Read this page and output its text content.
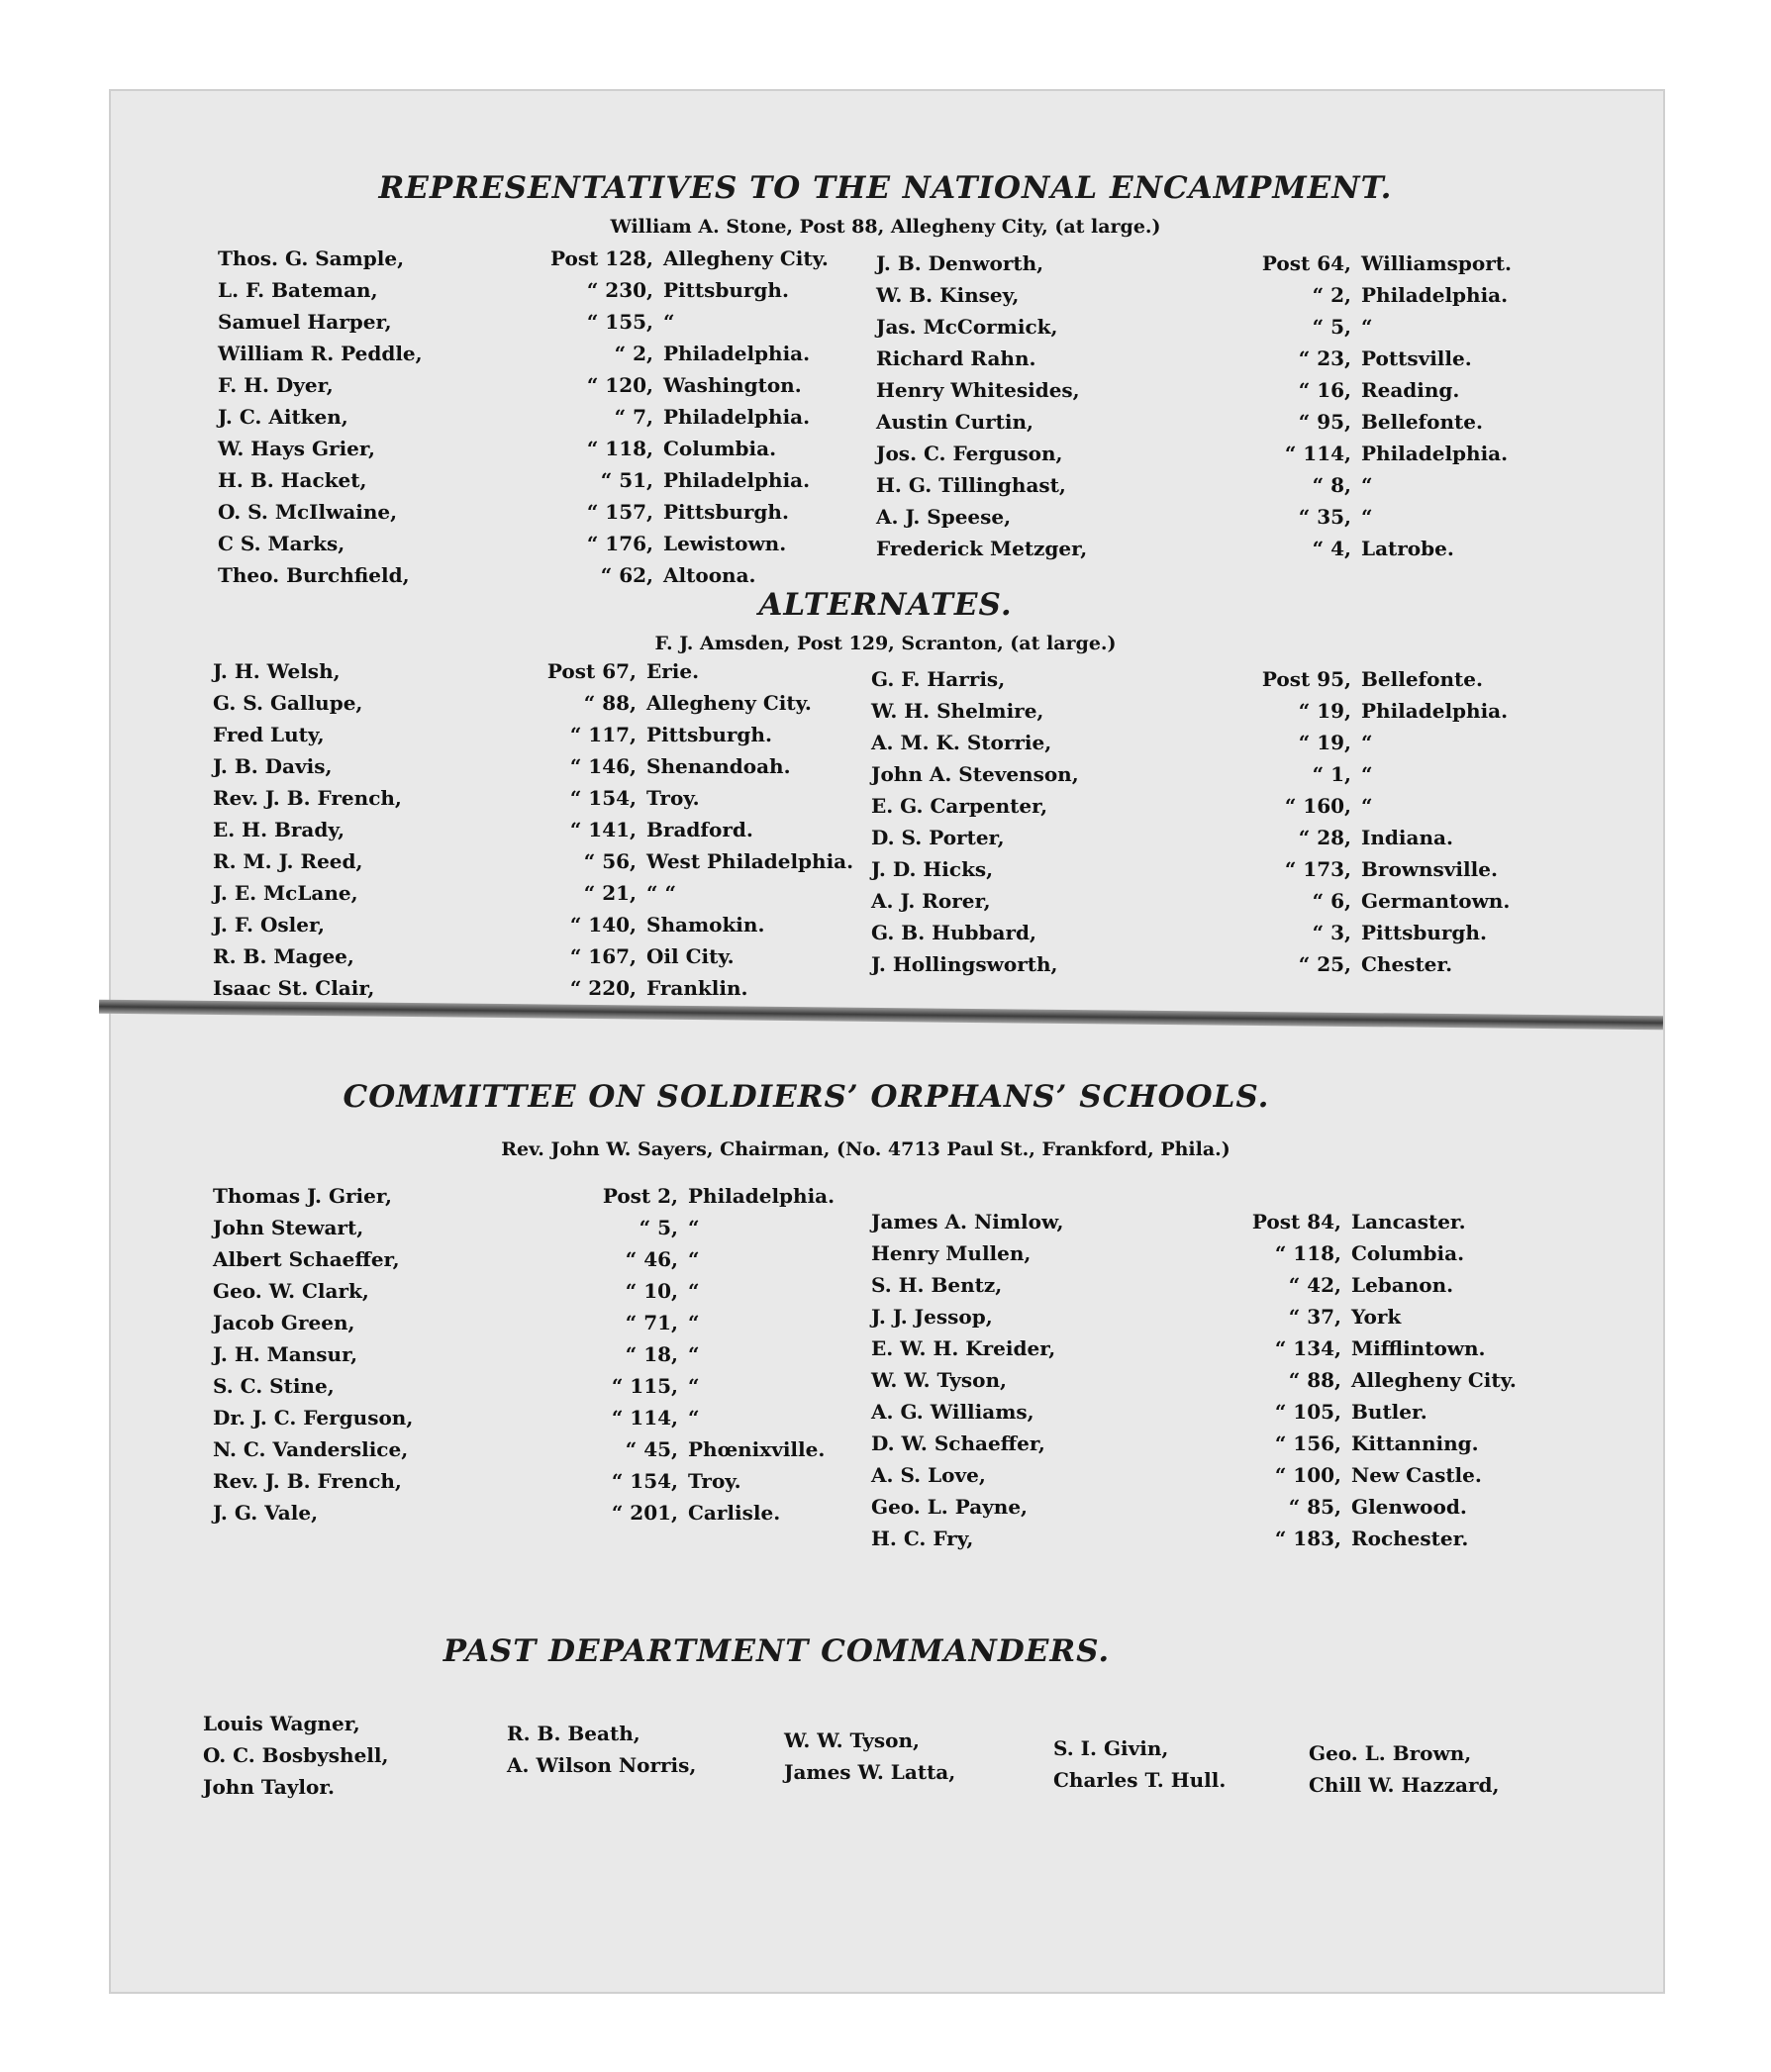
REPRESENTATIVES TO THE NATIONAL ENCAMPMENT.

William A. Stone, Post 88, Allegheny City, (at large.)

Thos. G. Sample,	Post 128, Allegheny City.
L. F. Bateman,	“ 230, Pittsburgh.
Samuel Harper,	“ 155, “
William R. Peddle,	“ 2, Philadelphia.
F. H. Dyer,	“ 120, Washington.
J. C. Aitken,	“ 7, Philadelphia.
W. Hays Grier,	“ 118, Columbia.
H. B. Hacket,	“ 51, Philadelphia.
O. S. McIlwaine,	“ 157, Pittsburgh.
C S. Marks,	“ 176, Lewistown.
Theo. Burchfield,	“ 62, Altoona.
J. B. Denworth,	Post 64, Williamsport.
W. B. Kinsey,	“ 2, Philadelphia.
Jas. McCormick,	“ 5, “
Richard Rahn.	“ 23, Pottsville.
Henry Whitesides,	“ 16, Reading.
Austin Curtin,	“ 95, Bellefonte.
Jos. C. Ferguson,	“ 114, Philadelphia.
H. G. Tillinghast,	“ 8, “
A. J. Speese,	“ 35, “
Frederick Metzger,	“ 4, Latrobe.
ALTERNATES.

F. J. Amsden, Post 129, Scranton, (at large.)

J. H. Welsh,	Post 67, Erie.
G. S. Gallupe,	“ 88, Allegheny City.
Fred Luty,	“ 117, Pittsburgh.
J. B. Davis,	“ 146, Shenandoah.
Rev. J. B. French,	“ 154, Troy.
E. H. Brady,	“ 141, Bradford.
R. M. J. Reed,	“ 56, West Philadelphia.
J. E. McLane,	“ 21, “ “
J. F. Osler,	“ 140, Shamokin.
R. B. Magee,	“ 167, Oil City.
Isaac St. Clair,	“ 220, Franklin.
G. F. Harris,	Post 95, Bellefonte.
W. H. Shelmire,	“ 19, Philadelphia.
A. M. K. Storrie,	“ 19, “
John A. Stevenson,	“ 1, “
E. G. Carpenter,	“ 160, “
D. S. Porter,	“ 28, Indiana.
J. D. Hicks,	“ 173, Brownsville.
A. J. Rorer,	“ 6, Germantown.
G. B. Hubbard,	“ 3, Pittsburgh.
J. Hollingsworth,	“ 25, Chester.
COMMITTEE ON SOLDIERS’ ORPHANS’ SCHOOLS.

Rev. John W. Sayers, Chairman, (No. 4713 Paul St., Frankford, Phila.)

Thomas J. Grier,	Post 2, Philadelphia.
John Stewart,	“ 5, “
Albert Schaeffer,	“ 46, “
Geo. W. Clark,	“ 10, “
Jacob Green,	“ 71, “
J. H. Mansur,	“ 18, “
S. C. Stine,	“ 115, “
Dr. J. C. Ferguson,	“ 114, “
N. C. Vanderslice,	“ 45, Phœnixville.
Rev. J. B. French,	“ 154, Troy.
J. G. Vale,	“ 201, Carlisle.
James A. Nimlow,	Post 84, Lancaster.
Henry Mullen,	“ 118, Columbia.
S. H. Bentz,	“ 42, Lebanon.
J. J. Jessop,	“ 37, York
E. W. H. Kreider,	“ 134, Mifflintown.
W. W. Tyson,	“ 88, Allegheny City.
A. G. Williams,	“ 105, Butler.
D. W. Schaeffer,	“ 156, Kittanning.
A. S. Love,	“ 100, New Castle.
Geo. L. Payne,	“ 85, Glenwood.
H. C. Fry,	“ 183, Rochester.
PAST DEPARTMENT COMMANDERS.
Louis Wagner,
O. C. Bosbyshell,
John Taylor.
R. B. Beath,
A. Wilson Norris,
W. W. Tyson,
James W. Latta,
S. I. Givin,
Charles T. Hull.
Geo. L. Brown,
Chill W. Hazzard,
